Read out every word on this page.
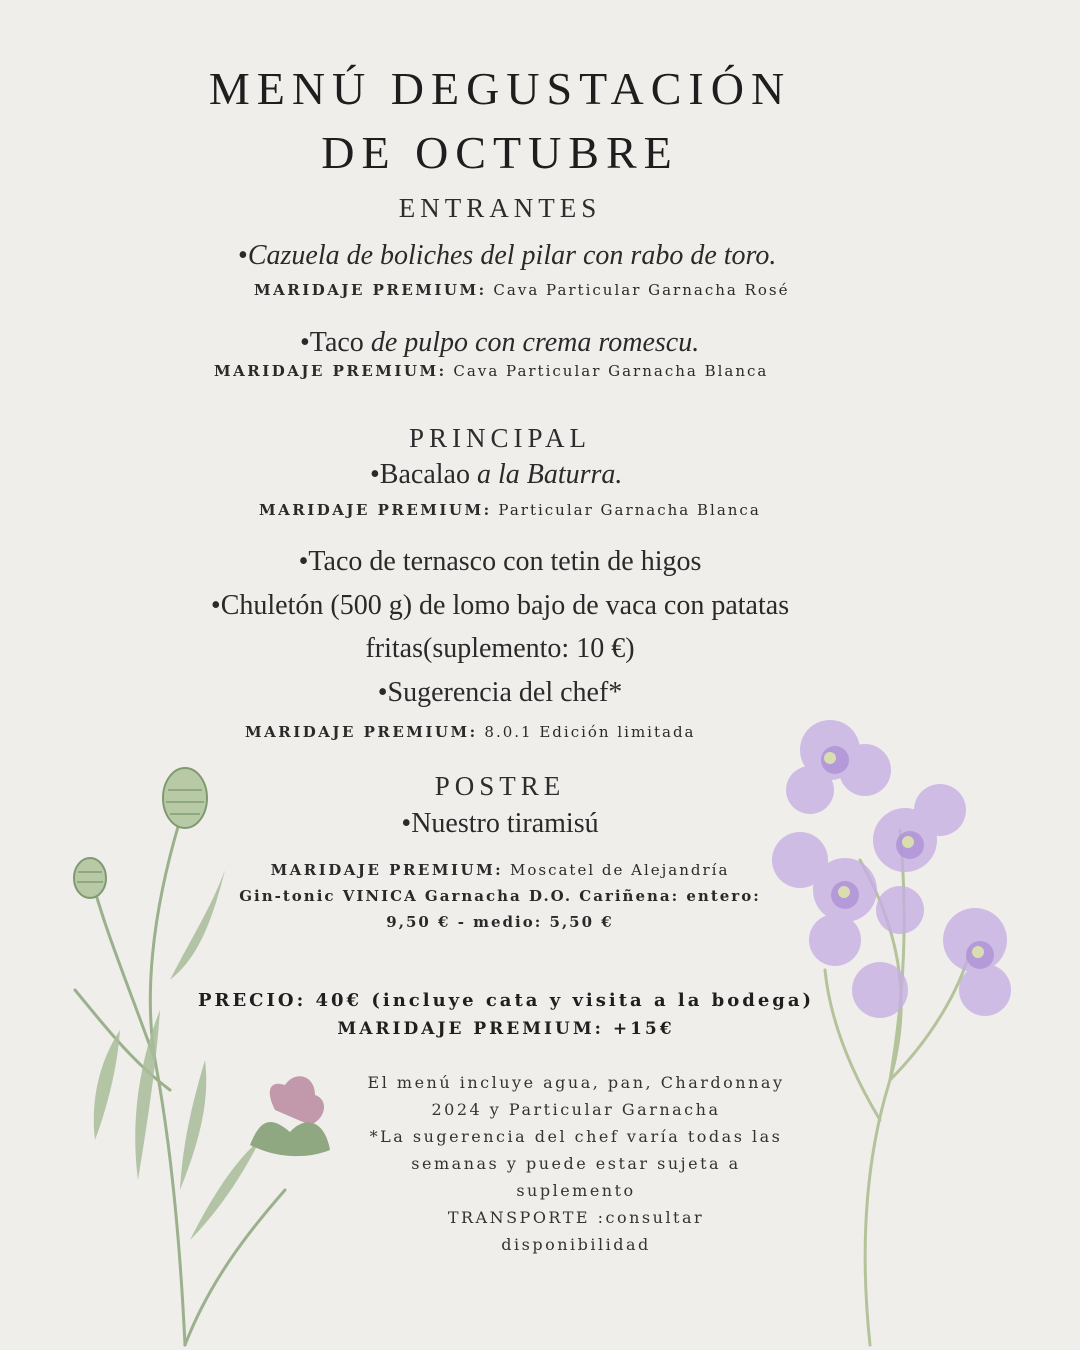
MENÚ DEGUSTACIÓN
DE OCTUBRE
ENTRANTES
•Cazuela de boliches del pilar con rabo de toro.
MARIDAJE PREMIUM: Cava Particular Garnacha Rosé
•Taco de pulpo con crema romescu.
MARIDAJE PREMIUM: Cava Particular Garnacha Blanca
PRINCIPAL
•Bacalao a la Baturra.
MARIDAJE PREMIUM: Particular Garnacha Blanca
•Taco de ternasco con tetin de higos
•Chuletón (500 g) de lomo bajo de vaca con patatas
fritas(suplemento: 10 €)
•Sugerencia del chef*
MARIDAJE PREMIUM: 8.0.1 Edición limitada
POSTRE
•Nuestro tiramisú
MARIDAJE PREMIUM: Moscatel de Alejandría
Gin-tonic VINICA Garnacha D.O. Cariñena: entero:
9,50 € - medio: 5,50 €
PRECIO: 40€ (incluye cata y visita a la bodega)
MARIDAJE PREMIUM: +15€
El menú incluye agua, pan, Chardonnay
2024 y Particular Garnacha
*La sugerencia del chef varía todas las
semanas y puede estar sujeta a
suplemento
TRANSPORTE :consultar
disponibilidad
